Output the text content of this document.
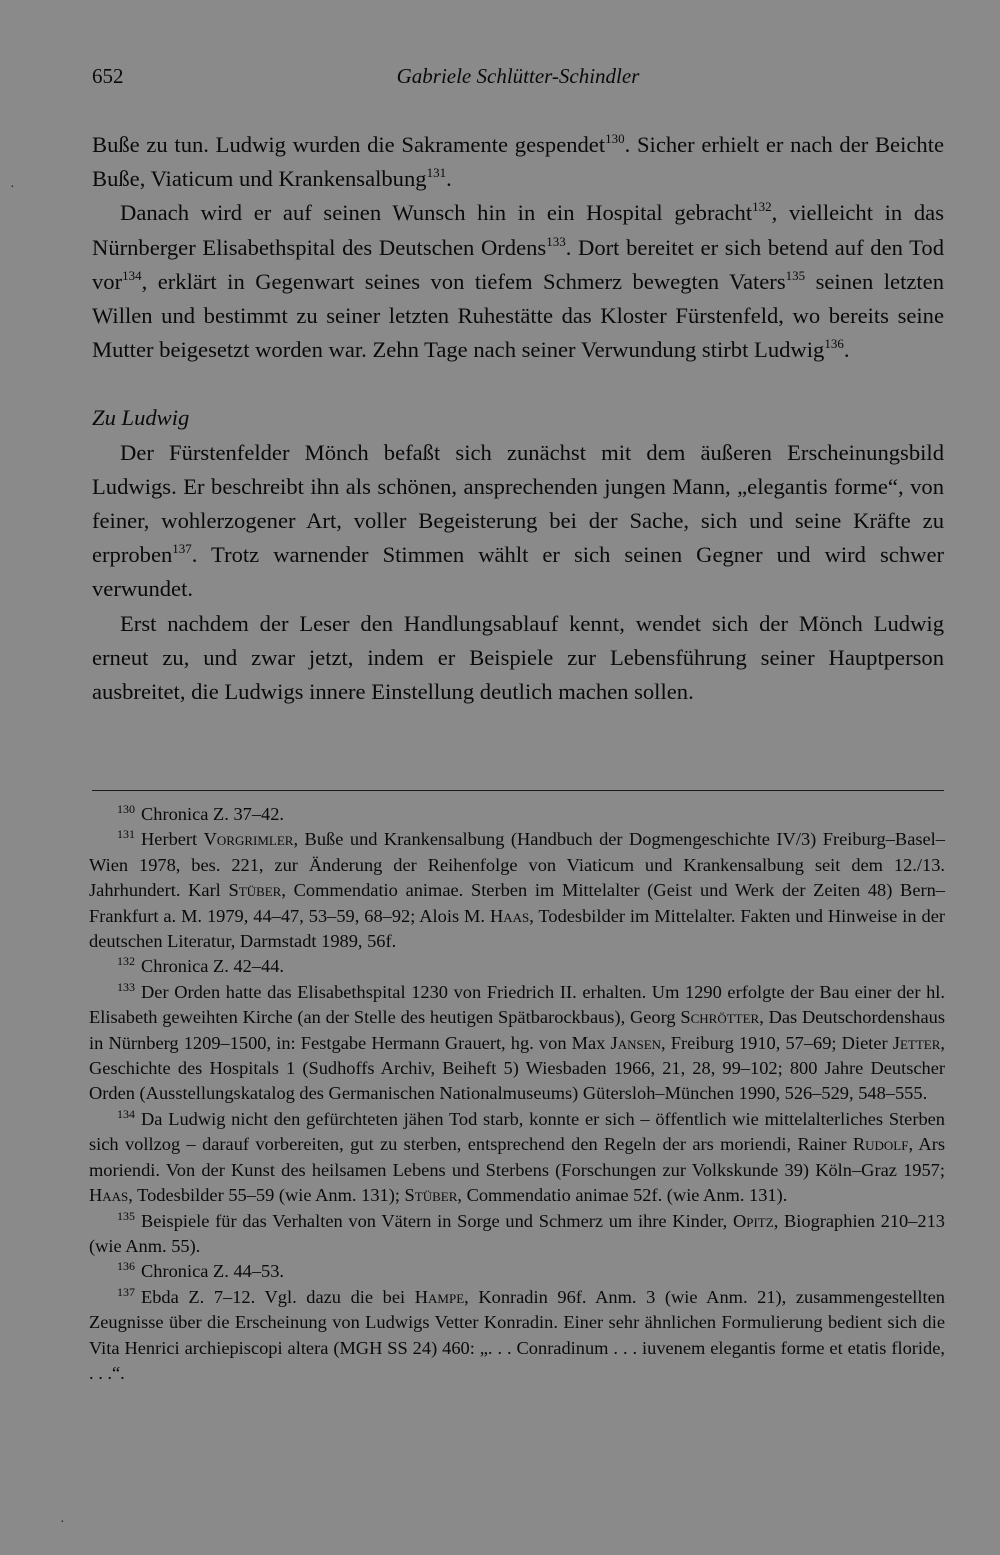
652	Gabriele Schlütter-Schindler
·

Buße zu tun. Ludwig wurden die Sakramente gespendet$^{130}$. Sicher erhielt er nach der Beichte Buße, Viaticum und Krankensalbung$^{131}$.

Danach wird er auf seinen Wunsch hin in ein Hospital gebracht$^{132}$, vielleicht in das Nürnberger Elisabethspital des Deutschen Ordens$^{133}$. Dort bereitet er sich betend auf den Tod vor$^{134}$, erklärt in Gegenwart seines von tiefem Schmerz bewegten Vaters$^{135}$ seinen letzten Willen und bestimmt zu seiner letzten Ruhestätte das Kloster Fürstenfeld, wo bereits seine Mutter beigesetzt worden war. Zehn Tage nach seiner Verwundung stirbt Ludwig$^{136}$.

Zu Ludwig

Der Fürstenfelder Mönch befaßt sich zunächst mit dem äußeren Erscheinungsbild Ludwigs. Er beschreibt ihn als schönen, ansprechenden jungen Mann, „elegantis forme“, von feiner, wohlerzogener Art, voller Begeisterung bei der Sache, sich und seine Kräfte zu erproben$^{137}$. Trotz warnender Stimmen wählt er sich seinen Gegner und wird schwer verwundet.

Erst nachdem der Leser den Handlungsablauf kennt, wendet sich der Mönch Ludwig erneut zu, und zwar jetzt, indem er Beispiele zur Lebensführung seiner Hauptperson ausbreitet, die Ludwigs innere Einstellung deutlich machen sollen.

$^{130}$ Chronica Z. 37–42.

$^{131}$ Herbert Vorgrimler, Buße und Krankensalbung (Handbuch der Dogmengeschichte IV/3) Freiburg–Basel–Wien 1978, bes. 221, zur Änderung der Reihenfolge von Viaticum und Krankensalbung seit dem 12./13. Jahrhundert. Karl Stüber, Commendatio animae. Sterben im Mittelalter (Geist und Werk der Zeiten 48) Bern–Frankfurt a. M. 1979, 44–47, 53–59, 68–92; Alois M. Haas, Todesbilder im Mittelalter. Fakten und Hinweise in der deutschen Literatur, Darmstadt 1989, 56f.

$^{132}$ Chronica Z. 42–44.

$^{133}$ Der Orden hatte das Elisabethspital 1230 von Friedrich II. erhalten. Um 1290 erfolgte der Bau einer der hl. Elisabeth geweihten Kirche (an der Stelle des heutigen Spätbarockbaus), Georg Schrötter, Das Deutschordenshaus in Nürnberg 1209–1500, in: Festgabe Hermann Grauert, hg. von Max Jansen, Freiburg 1910, 57–69; Dieter Jetter, Geschichte des Hospitals 1 (Sudhoffs Archiv, Beiheft 5) Wiesbaden 1966, 21, 28, 99–102; 800 Jahre Deutscher Orden (Ausstellungskatalog des Germanischen Nationalmuseums) Gütersloh–München 1990, 526–529, 548–555.

$^{134}$ Da Ludwig nicht den gefürchteten jähen Tod starb, konnte er sich – öffentlich wie mittelalterliches Sterben sich vollzog – darauf vorbereiten, gut zu sterben, entsprechend den Regeln der ars moriendi, Rainer Rudolf, Ars moriendi. Von der Kunst des heilsamen Lebens und Sterbens (Forschungen zur Volkskunde 39) Köln–Graz 1957; Haas, Todesbilder 55–59 (wie Anm. 131); Stüber, Commendatio animae 52f. (wie Anm. 131).

$^{135}$ Beispiele für das Verhalten von Vätern in Sorge und Schmerz um ihre Kinder, Opitz, Biographien 210–213 (wie Anm. 55).

$^{136}$ Chronica Z. 44–53.

$^{137}$ Ebda Z. 7–12. Vgl. dazu die bei Hampe, Konradin 96f. Anm. 3 (wie Anm. 21), zusammengestellten Zeugnisse über die Erscheinung von Ludwigs Vetter Konradin. Einer sehr ähnlichen Formulierung bedient sich die Vita Henrici archiepiscopi altera (MGH SS 24) 460: „. . . Conradinum . . . iuvenem elegantis forme et etatis floride, . . .“.

·
